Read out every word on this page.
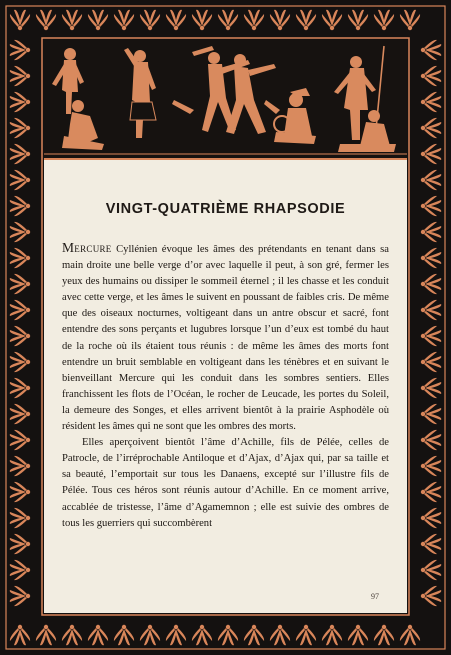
VINGT-QUATRIÈME RHAPSODIE

Mercure Cyllénien évoque les âmes des prétendants en tenant dans sa main droite une belle verge d’or avec laquelle il peut, à son gré, fermer les yeux des humains ou dissiper le sommeil éternel ; il les chasse et les conduit avec cette verge, et les âmes le suivent en poussant de faibles cris. De même que des oiseaux nocturnes, voltigeant dans un antre obscur et sacré, font entendre des sons perçants et lugubres lorsque l’un d’eux est tombé du haut de la roche où ils étaient tous réunis : de même les âmes des morts font entendre un bruit semblable en voltigeant dans les ténèbres et en suivant le bienveillant Mercure qui les conduit dans les sombres sentiers. Elles franchissent les flots de l’Océan, le rocher de Leucade, les portes du Soleil, la demeure des Songes, et elles arrivent bientôt à la prairie Asphodèle où résident les âmes qui ne sont que les ombres des morts.

Elles aperçoivent bientôt l’âme d’Achille, fils de Pélée, celles de Patrocle, de l’irréprochable Antiloque et d’Ajax, d’Ajax qui, par sa taille et sa beauté, l’emportait sur tous les Danaens, excepté sur l’illustre fils de Pélée. Tous ces héros sont réunis autour d’Achille. En ce moment arrive, accablée de tristesse, l’âme d’Agamemnon ; elle est suivie des ombres de tous les guerriers qui succombèrent

97
